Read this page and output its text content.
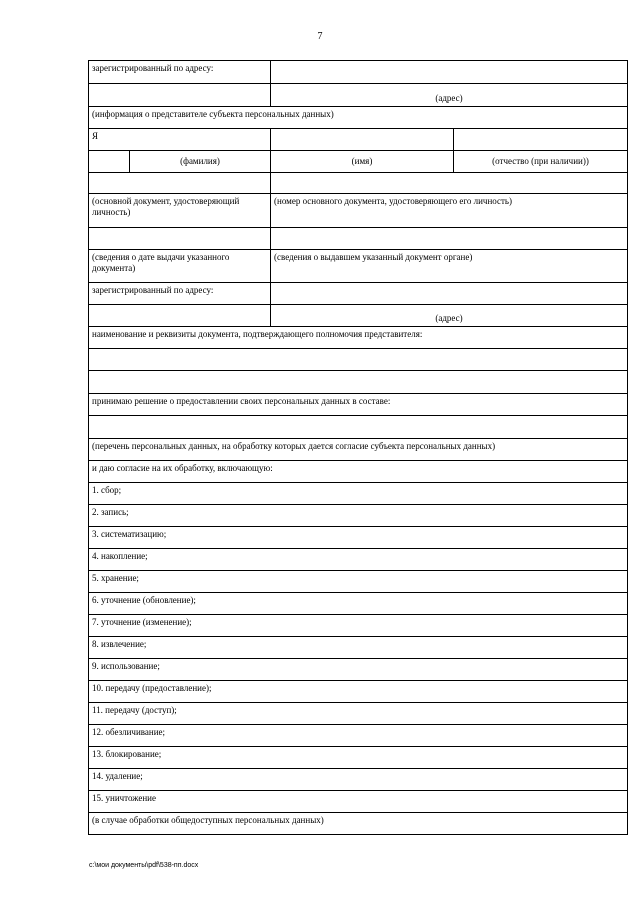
7
зарегистрированный по адресу:			
		(адрес)	
(информация о представителе субъекта персональных данных)			
Я			
	(фамилия)	(имя)	(отчество (при наличии))

(основной документ, удостоверяющий личность)		(номер основного документа, удостоверяющего его личность)	

(сведения о дате выдачи указанного документа)		(сведения о выдавшем указанный документ органе)	
зарегистрированный по адресу:			
		(адрес)	
наименование и реквизиты документа, подтверждающего полномочия представителя:			

принимаю решение о предоставлении своих персональных данных в составе:			

(перечень персональных данных, на обработку которых дается согласие субъекта персональных данных)			
и даю согласие на их обработку, включающую:			
1. сбор;			
2. запись;			
3. систематизацию;			
4. накопление;			
5. хранение;			
6. уточнение (обновление);			
7. уточнение (изменение);			
8. извлечение;			
9. использование;			
10. передачу (предоставление);			
11. передачу (доступ);			
12. обезличивание;			
13. блокирование;			
14. удаление;			
15. уничтожение			
(в случае обработки общедоступных персональных данных)			
c:\мои документы\pdf\538-пп.docx
